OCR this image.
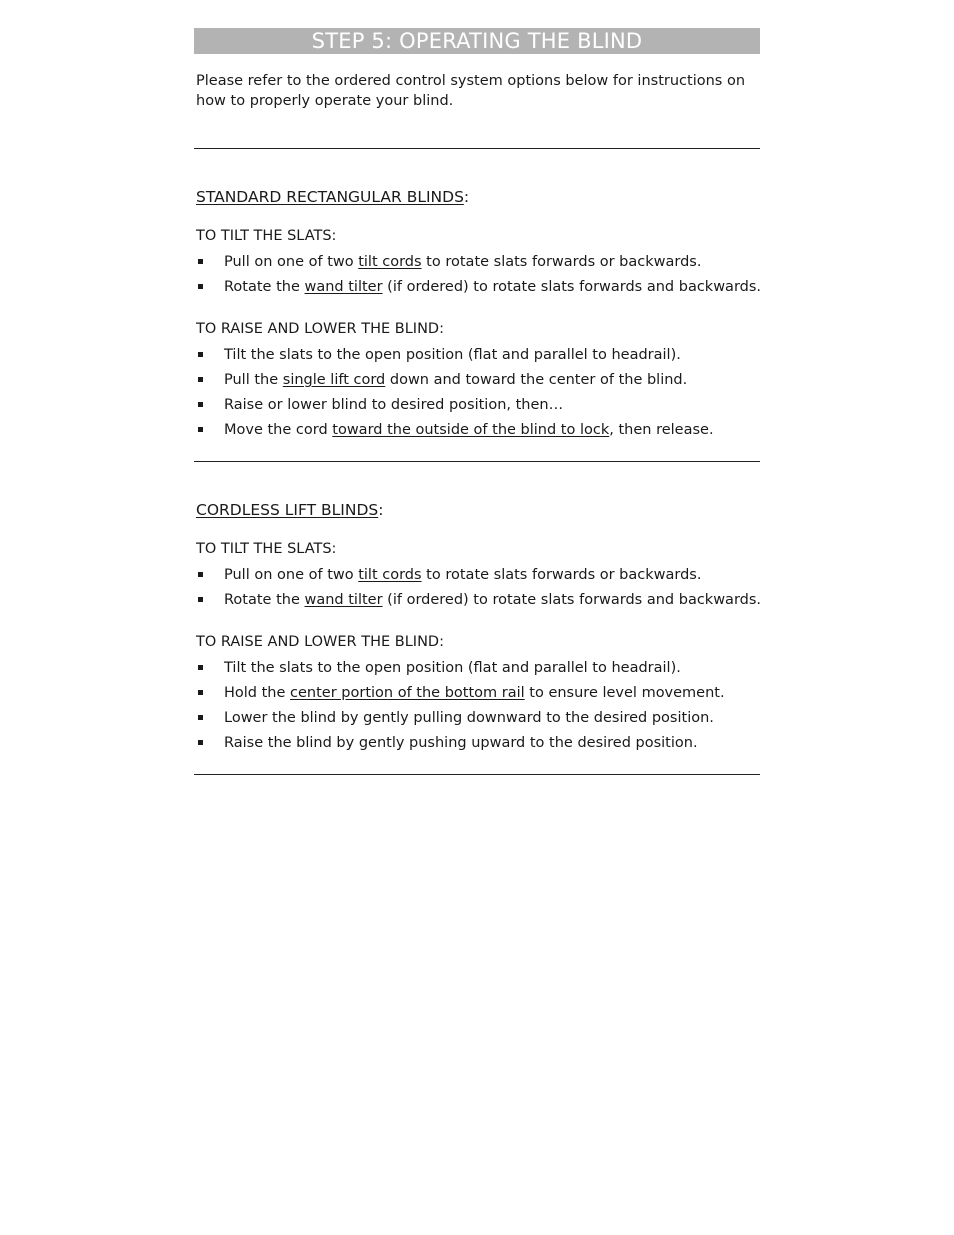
STEP 5: OPERATING THE BLIND
Please refer to the ordered control system options below for instructions on how to properly operate your blind.
STANDARD RECTANGULAR BLINDS:
TO TILT THE SLATS:
Pull on one of two tilt cords to rotate slats forwards or backwards.
Rotate the wand tilter (if ordered) to rotate slats forwards and backwards.
TO RAISE AND LOWER THE BLIND:
Tilt the slats to the open position (flat and parallel to headrail).
Pull the single lift cord down and toward the center of the blind.
Raise or lower blind to desired position, then…
Move the cord toward the outside of the blind to lock, then release.
CORDLESS LIFT BLINDS:
TO TILT THE SLATS:
Pull on one of two tilt cords to rotate slats forwards or backwards.
Rotate the wand tilter (if ordered) to rotate slats forwards and backwards.
TO RAISE AND LOWER THE BLIND:
Tilt the slats to the open position (flat and parallel to headrail).
Hold the center portion of the bottom rail to ensure level movement.
Lower the blind by gently pulling downward to the desired position.
Raise the blind by gently pushing upward to the desired position.
